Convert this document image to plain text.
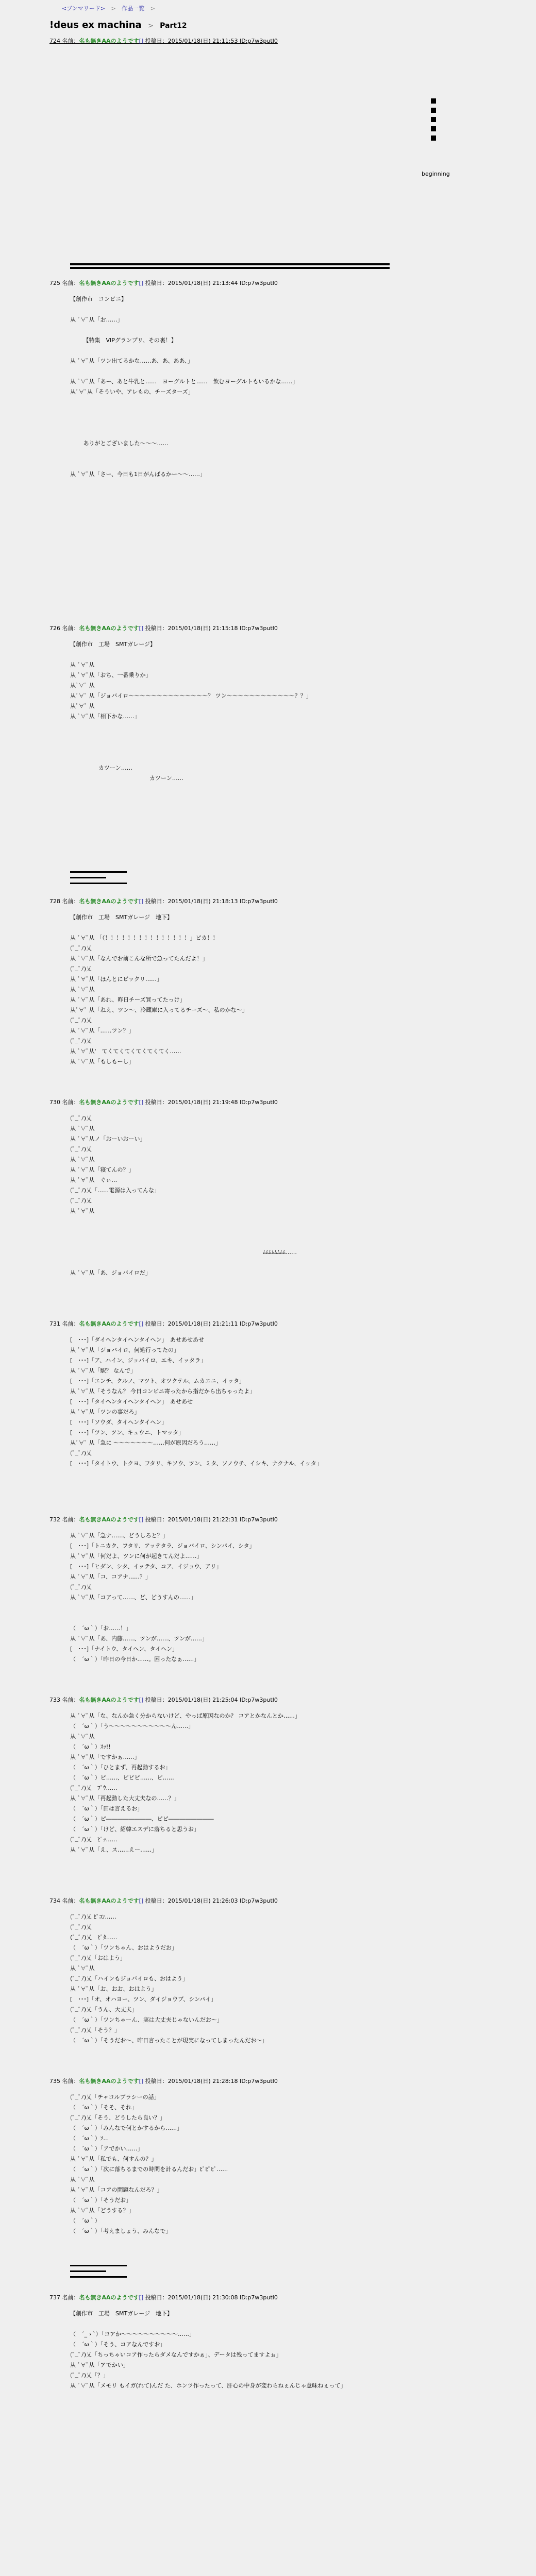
<ブンマリード> > 作品一覧 >
!deus ex machina > Part12
724 名前：名も無きAAのようです[] 投稿日：2015/01/18(日) 21:11:53 ID:p7w3putI0
beginning
725 名前：名も無きAAのようです[] 投稿日：2015/01/18(日) 21:13:44 ID:p7w3putI0
【創作市　コンビニ】

从 ﾟ∀ﾟ从「お……」

　　 【特集　VIPグランプリ、その裏！】

从 ﾟ∀ﾟ从「ツン出てるかな……あ、あ、ああ、」

从 ﾟ∀ﾟ从「あー、あと牛乳と……　ヨーグルトと……　飲むヨーグルトもいるかな……」
从ﾟ∀ﾟ从「そういや、アレもの、チーズターズ」

　　 ありがとございました～～～……

从 ﾟ∀ﾟ从「さー、今日も1日がんばるかー～～……」
726 名前：名も無きAAのようです[] 投稿日：2015/01/18(日) 21:15:18 ID:p7w3putI0
【創作市　工場　SMTガレージ】

从 ﾟ∀ﾟ从
从 ﾟ∀ﾟ从「おち、一番乗りか」
从ﾟ∀ﾟ 从
从ﾟ∀ﾟ 从「ジョバイロ～～～～～～～～～～～～～～？ ツン～～～～～～～～～～～～？？」
从ﾟ∀ﾟ 从
从 ﾟ∀ﾟ从「相下かな……」

　　　　　カツーン……
　　　　　　　　　　　　　　カツーン……
728 名前：名も無きAAのようです[] 投稿日：2015/01/18(日) 21:18:13 ID:p7w3putI0
【創作市　工場　SMTガレージ　地下】

从 ﾟ∀ﾟ从 「（！！！！！！！！！！！！！！！」ピカ！！
(ﾟ_ﾟﾉ)乂
从 ﾟ∀ﾟ从「なんでお前こんな所で急ってたんだよ！」
(ﾟ_ﾟﾉ)乂
从 ﾟ∀ﾟ从「ほんとにビックリ……」
从 ﾟ∀ﾟ从
从 ﾟ∀ﾟ从「あれ、昨日チーズ買ってたっけ」
从ﾟ∀ﾟ 从「ねえ、ツン～、冷蔵庫に入ってるチーズ～、私のかな～」
(ﾟ_ﾟﾉ)乂
从 ﾟ∀ﾟ从「……ツン？」
(ﾟ_ﾟﾉ)乂
从 ﾟ∀ﾟ从'　てくてくてくてくてくてく……
从 ﾟ∀ﾟ从「もしもーし」
730 名前：名も無きAAのようです[] 投稿日：2015/01/18(日) 21:19:48 ID:p7w3putI0
(ﾟ_ﾟﾉ)乂
从 ﾟ∀ﾟ从
从 ﾟ∀ﾟ从ノ「おーいおーい」
(ﾟ_ﾟﾉ)乂
从 ﾟ∀ﾟ从
从 ﾟ∀ﾟ从「寝てんの？」
从 ﾟ∀ﾟ从　ぐぃ…
(ﾟ_ﾟﾉ)乂「……電源は入ってんな」
(ﾟ_ﾟﾉ)乂
从 ﾟ∀ﾟ从

　　　　　　　　　　　　　　　　　　　　　　　　　　　　　　　　　　ﾑﾑﾑﾑﾑﾑﾑﾑ……

从 ﾟ∀ﾟ从「あ、ジョバイロだ」
731 名前：名も無きAAのようです[] 投稿日：2015/01/18(日) 21:21:11 ID:p7w3putI0
[　･･･]「ダイヘンタイヘンタイヘン」　あせあせあせ
从 ﾟ∀ﾟ从「ジョバイロ、何処行ってたの」
[　･･･]「ア、ハイン、ジョバイロ、エキ、イッタラ」
从 ﾟ∀ﾟ从「駅？ なんで」
[　･･･]「エンチ、クルノ、マツト、オツクテル、ムカエニ、イッタ」
从 ﾟ∀ﾟ从「そうなん？ 今日コンビニ寄ったから指だから出ちゃったよ」
[　･･･]「タイヘンタイヘンタイヘン」　あせあせ
从 ﾟ∀ﾟ从「ツンの事だろ」
[　･･･]「ソウダ、タイヘンタイヘン」
[　･･･]「ツン、ツン、キュウニ、トマッタ」
从ﾟ∀ﾟ 从「急に ～～～～～～～……何が原因だろう……」
(ﾟ_ﾟﾉ)乂
[　･･･]「タイトウ、トクヨ、フタリ、キソウ、ツン、ミタ、ソノウチ、イシキ、ナクナル、イッタ」
732 名前：名も無きAAのようです[] 投稿日：2015/01/18(日) 21:22:31 ID:p7w3putI0
从 ﾟ∀ﾟ从「急ナ……、どうしろと？」
[　･･･]「トニカク、フタリ、アッテタラ、ジョバイロ、シンパイ、シタ」
从 ﾟ∀ﾟ从「何だよ、ツンに何が起きてんだよ……」
[　･･･]「ヒダン、シタ、イッテタ、コア、イジョウ、アリ」
从 ﾟ∀ﾟ从「コ、コアナ……？」
(ﾟ_ﾟﾉ)乂
从 ﾟ∀ﾟ从「コアって……、ど、どうすんの……」

（　´ω｀）「お……！」
从 ﾟ∀ﾟ从「あ、内藤……、ツンが……、ツンが……」
[　･･･]「ナイトウ、タイヘン、タイヘン」
（　´ω｀）「昨日の今日か……。困ったなぁ……」
733 名前：名も無きAAのようです[] 投稿日：2015/01/18(日) 21:25:04 ID:p7w3putI0
从 ﾟ∀ﾟ从「な、なんか急く分からないけど、やっぱ原因なのか？ コアとかなんとか……」
（　´ω｀）「う～～～～～～～～～～～ん……」
从 ﾟ∀ﾟ从
（　´ω｀）ｽｯ!!
从 ﾟ∀ﾟ从「ですかぁ……」
（　´ω｀）「ひとまず、再起動するお」
（　´ω｀）ピ……、ピピピ……、ピ……
(ﾟ_ﾟﾉ)乂　ﾌﾟｳ……
从 ﾟ∀ﾟ从「再起動した大丈夫なの……？」
（　´ω｀）「田は言えるお」
（　´ω｀）ピ――――――――、ピピ――――――――
（　´ω｀）「けど、紹韓エスデに落ちると思うお」
(ﾟ_ﾟﾉ)乂　ﾋﾟｯ……
从 ﾟ∀ﾟ从「え、ス……えー……」
734 名前：名も無きAAのようです[] 投稿日：2015/01/18(日) 21:26:03 ID:p7w3putI0
(ﾟ_ﾟﾉ)乂 ﾋﾟｺﾝ……
(ﾟ_ﾟﾉ)乂
(ﾟ_ﾟﾉ)乂　ﾋﾟﾀ……
（　´ω｀）「ツンちゃん、おはようだお」
(ﾟ_ﾟﾉ)乂「おはよう」
从 ﾟ∀ﾟ从
(ﾟ_ﾟﾉ)乂「ハインもジョバイロも、おはよう」
从 ﾟ∀ﾟ从「お、おお、おはよう」
[　･･･]「オ、オハヨー、ツン、ダイジョウブ、シンパイ」
(ﾟ_ﾟﾉ)乂「うん、大丈夫」
（　´ω｀）「ツンちゃーん、実は大丈夫じゃないんだお～」
(ﾟ_ﾟﾉ)乂「そう？」
（　´ω｀）「そうだお～、昨日言ったことが現実になってしまったんだお～」
735 名前：名も無きAAのようです[] 投稿日：2015/01/18(日) 21:28:18 ID:p7w3putI0
(ﾟ_ﾟﾉ)乂「チャコルブラシーの話」
（　´ω｀）「そそ、それ」
(ﾟ_ﾟﾉ)乂「そう、どうしたら良い？」
（　´ω｀）「みんなで何とかするから……」
（　´ω｀）ｿ…
（　´ω｀）「アでかい……」
从 ﾟ∀ﾟ从「私でも、何すんの？」
（　´ω｀）「次に落ちるまでの時間を計るんだお」ﾋﾟﾋﾟﾋﾟ……
从 ﾟ∀ﾟ从
从 ﾟ∀ﾟ从「コアの問題なんだろ？」
（　´ω｀）「そうだお」
从 ﾟ∀ﾟ从「どうする？」
（　´ω｀）
（　´ω｀）「考えましょう、みんなで」
737 名前：名も無きAAのようです[] 投稿日：2015/01/18(日) 21:30:08 ID:p7w3putI0
【創作市　工場　SMTガレージ　地下】

（　´_ゝ`）「コアか～～～～～～～～～～……」
（　´ω｀）「そう、コアなんですお」
(ﾟ_ﾟﾉ)乂「ちっちゃいコア作ったらダメなんですかぁ」、データは残ってますよぉ」
从 ﾟ∀ﾟ从「アでかい」
(ﾟ_ﾟﾉ)乂「？」
从 ﾟ∀ﾟ从「メモリ もイガ(れて)んだ た、ホンツ作ったって、肝心の中身が変わらねぇんじゃ意味ねぇって」
